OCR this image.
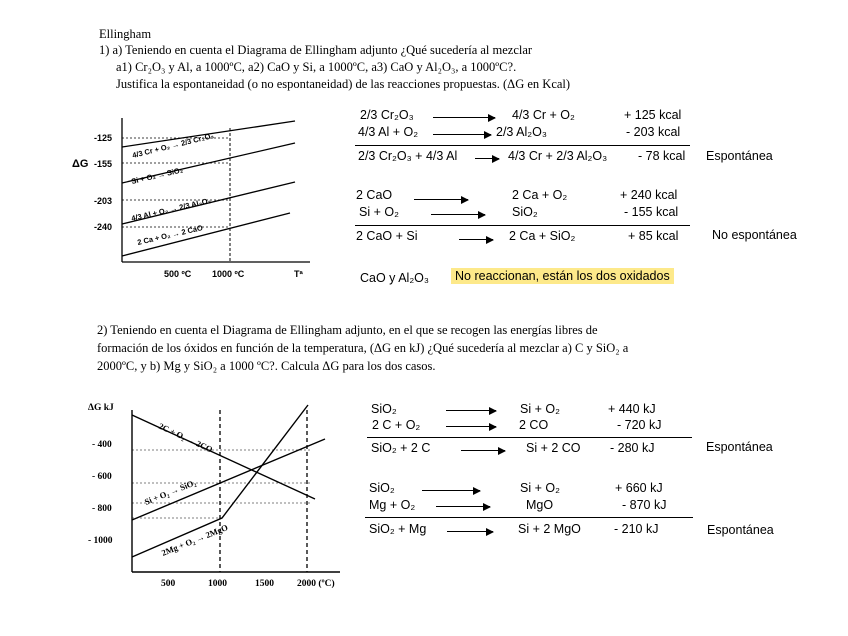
Ellingham
1) a) Teniendo en cuenta el Diagrama de Ellingham adjunto ¿Qué sucedería al mezclar
a1) Cr₂O₃ y Al, a 1000ºC, a2) CaO y Si, a 1000ºC, a3) CaO y Al₂O₃, a 1000ºC?.
Justifica la espontaneidad (o no espontaneidad) de las reacciones propuestas. (ΔG en Kcal)
-125
-155
-203
-240
ΔG
500 ºC 1000 ºC	Tª
4/3 Cr + O₂ → 2/3 Cr₂O₃
Si + O₂ → SiO₂
4/3 Al + O₂ → 2/3 Al₂O₃
2 Ca + O₂ → 2 CaO
2/3 Cr₂O₃	4/3 Cr + O₂	+ 125 kcal
4/3 Al + O₂	2/3 Al₂O₃	- 203 kcal
2/3 Cr₂O₃ + 4/3 Al	4/3 Cr + 2/3 Al₂O₃ - 78 kcal Espontánea
2 CaO	2 Ca + O₂	+ 240 kcal
Si + O₂	SiO₂	- 155 kcal
2 CaO + Si	2 Ca + SiO₂	+ 85 kcal	No espontánea
CaO y Al₂O₃	No reaccionan, están los dos oxidados
2) Teniendo en cuenta el Diagrama de Ellingham adjunto, en el que se recogen las energías libres de
formación de los óxidos en función de la temperatura, (ΔG en kJ) ¿Qué sucedería al mezclar a) C y SiO₂ a
2000ºC, y b) Mg y SiO₂ a 1000 ºC?. Calcula ΔG para los dos casos.
ΔG kJ
- 400
- 600
- 800
- 1000
500	1000	1500 2000 (ºC)
2C + O₂ → 2CO
Si + O₂ → SiO₂
2Mg + O₂ → 2MgO
SiO₂	Si + O₂	+ 440 kJ
2 C + O₂	2 CO	- 720 kJ
SiO₂ + 2 C	Si + 2 CO - 280 kJ	Espontánea
SiO₂	Si + O₂	+ 660 kJ
Mg + O₂	MgO	- 870 kJ
SiO₂ + Mg	Si + 2 MgO	- 210 kJ	Espontánea
